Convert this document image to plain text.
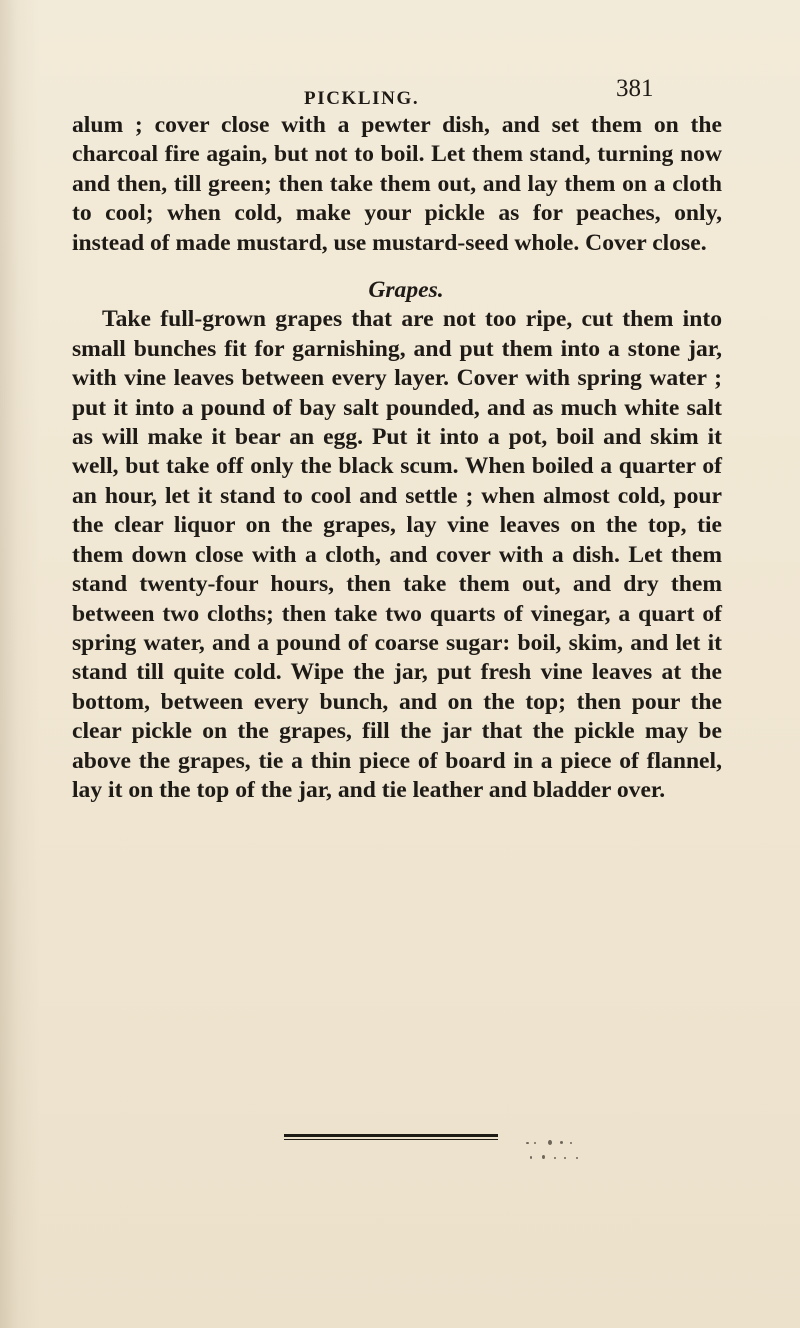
PICKLING.	381

alum ; cover close with a pewter dish, and set them on the charcoal fire again, but not to boil. Let them stand, turning now and then, till green; then take them out, and lay them on a cloth to cool; when cold, make your pickle as for peaches, only, instead of made mustard, use mustard-seed whole. Cover close.

Grapes.

Take full-grown grapes that are not too ripe, cut them into small bunches fit for garnishing, and put them into a stone jar, with vine leaves between every layer. Cover with spring water ; put it into a pound of bay salt pounded, and as much white salt as will make it bear an egg. Put it into a pot, boil and skim it well, but take off only the black scum. When boiled a quarter of an hour, let it stand to cool and settle ; when almost cold, pour the clear liquor on the grapes, lay vine leaves on the top, tie them down close with a cloth, and cover with a dish. Let them stand twenty-four hours, then take them out, and dry them between two cloths; then take two quarts of vinegar, a quart of spring water, and a pound of coarse sugar: boil, skim, and let it stand till quite cold. Wipe the jar, put fresh vine leaves at the bottom, between every bunch, and on the top; then pour the clear pickle on the grapes, fill the jar that the pickle may be above the grapes, tie a thin piece of board in a piece of flannel, lay it on the top of the jar, and tie leather and bladder over.
